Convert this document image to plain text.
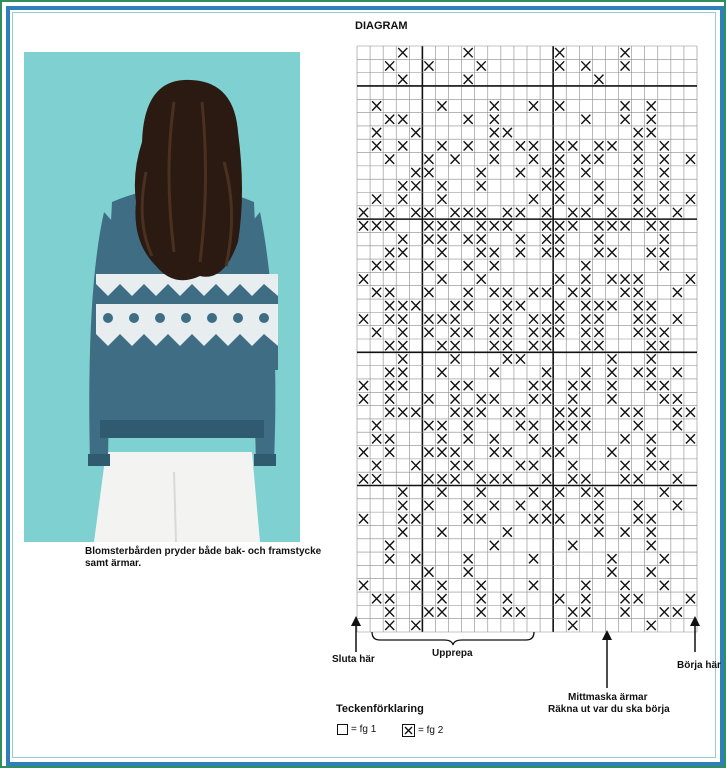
Blomsterbården pryder både bak- och framstycke samt ärmar.
DIAGRAM
Sluta här
Mittmaska ärmar
Räkna ut var du ska börja
Börja här
Upprepa
Teckenförklaring
= fg 1	= fg 2
